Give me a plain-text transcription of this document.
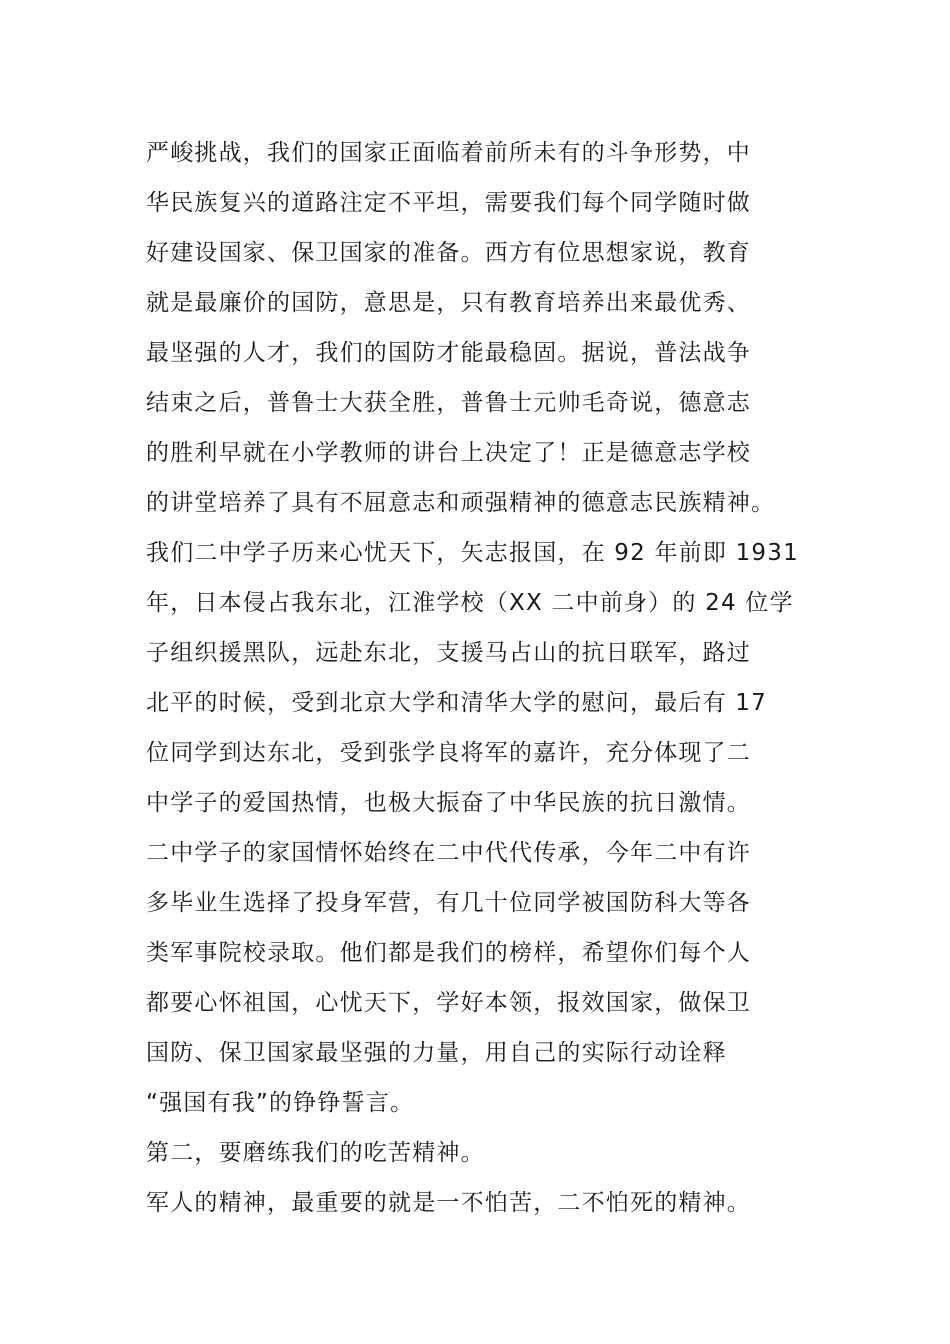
严峻挑战，我们的国家正面临着前所未有的斗争形势，中
华民族复兴的道路注定不平坦，需要我们每个同学随时做
好建设国家、保卫国家的准备。西方有位思想家说，教育
就是最廉价的国防，意思是，只有教育培养出来最优秀、
最坚强的人才，我们的国防才能最稳固。据说，普法战争
结束之后，普鲁士大获全胜，普鲁士元帅毛奇说，德意志
的胜利早就在小学教师的讲台上决定了！正是德意志学校
的讲堂培养了具有不屈意志和顽强精神的德意志民族精神。
我们二中学子历来心忧天下，矢志报国，在 92 年前即 1931
年，日本侵占我东北，江淮学校（XX 二中前身）的 24 位学
子组织援黑队，远赴东北，支援马占山的抗日联军，路过
北平的时候，受到北京大学和清华大学的慰问，最后有 17
位同学到达东北，受到张学良将军的嘉许，充分体现了二
中学子的爱国热情，也极大振奋了中华民族的抗日激情。
二中学子的家国情怀始终在二中代代传承，今年二中有许
多毕业生选择了投身军营，有几十位同学被国防科大等各
类军事院校录取。他们都是我们的榜样，希望你们每个人
都要心怀祖国，心忧天下，学好本领，报效国家，做保卫
国防、保卫国家最坚强的力量，用自己的实际行动诠释
“强国有我”的铮铮誓言。
第二，要磨练我们的吃苦精神。
军人的精神，最重要的就是一不怕苦，二不怕死的精神。
